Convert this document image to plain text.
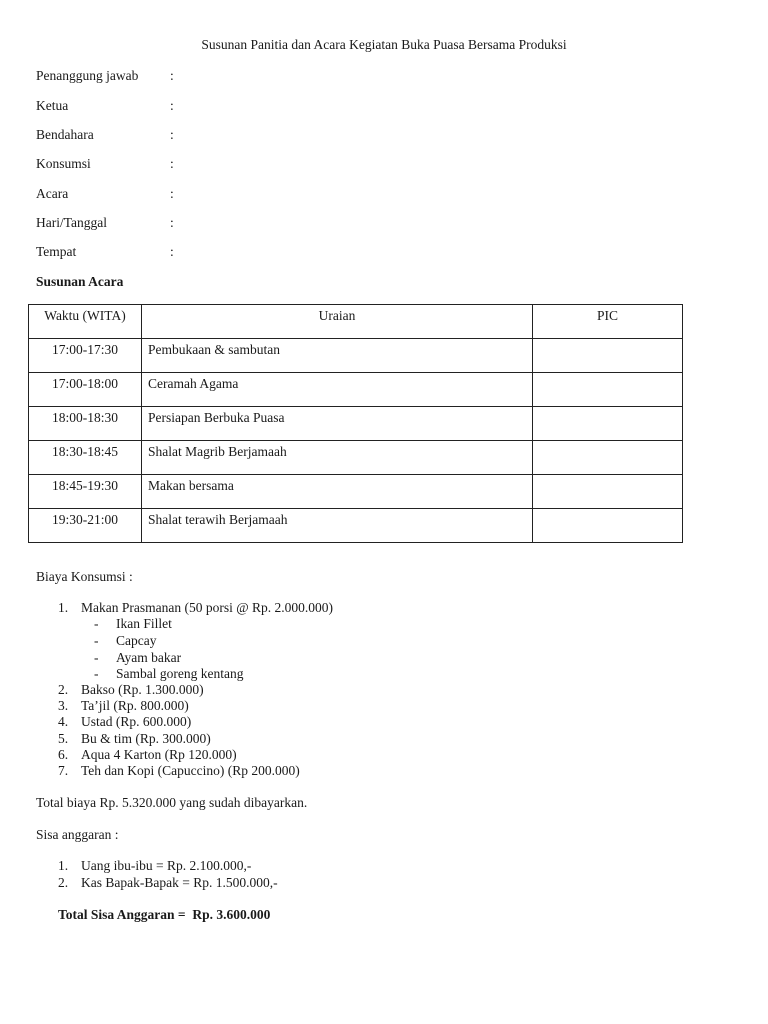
Susunan Panitia dan Acara Kegiatan Buka Puasa Bersama Produksi
Penanggung jawab :
Ketua	:
Bendahara	:
Konsumsi	:
Acara	:
Hari/Tanggal	:
Tempat	:
Susunan Acara
Waktu (WITA)	Uraian	PIC
17:00-17:30	Pembukaan & sambutan	
17:00-18:00	Ceramah Agama	
18:00-18:30	Persiapan Berbuka Puasa	
18:30-18:45	Shalat Magrib Berjamaah	
18:45-19:30	Makan bersama	
19:30-21:00	Shalat terawih Berjamaah	
Biaya Konsumsi :
1. Makan Prasmanan (50 porsi @ Rp. 2.000.000)
- Ikan Fillet
- Capcay
- Ayam bakar
- Sambal goreng kentang
2. Bakso (Rp. 1.300.000)
3. Ta’jil (Rp. 800.000)
4. Ustad (Rp. 600.000)
5. Bu & tim (Rp. 300.000)
6. Aqua 4 Karton (Rp 120.000)
7. Teh dan Kopi (Capuccino) (Rp 200.000)
Total biaya Rp. 5.320.000 yang sudah dibayarkan.
Sisa anggaran :
1. Uang ibu-ibu = Rp. 2.100.000,-
2. Kas Bapak-Bapak = Rp. 1.500.000,-
Total Sisa Anggaran =  Rp. 3.600.000
